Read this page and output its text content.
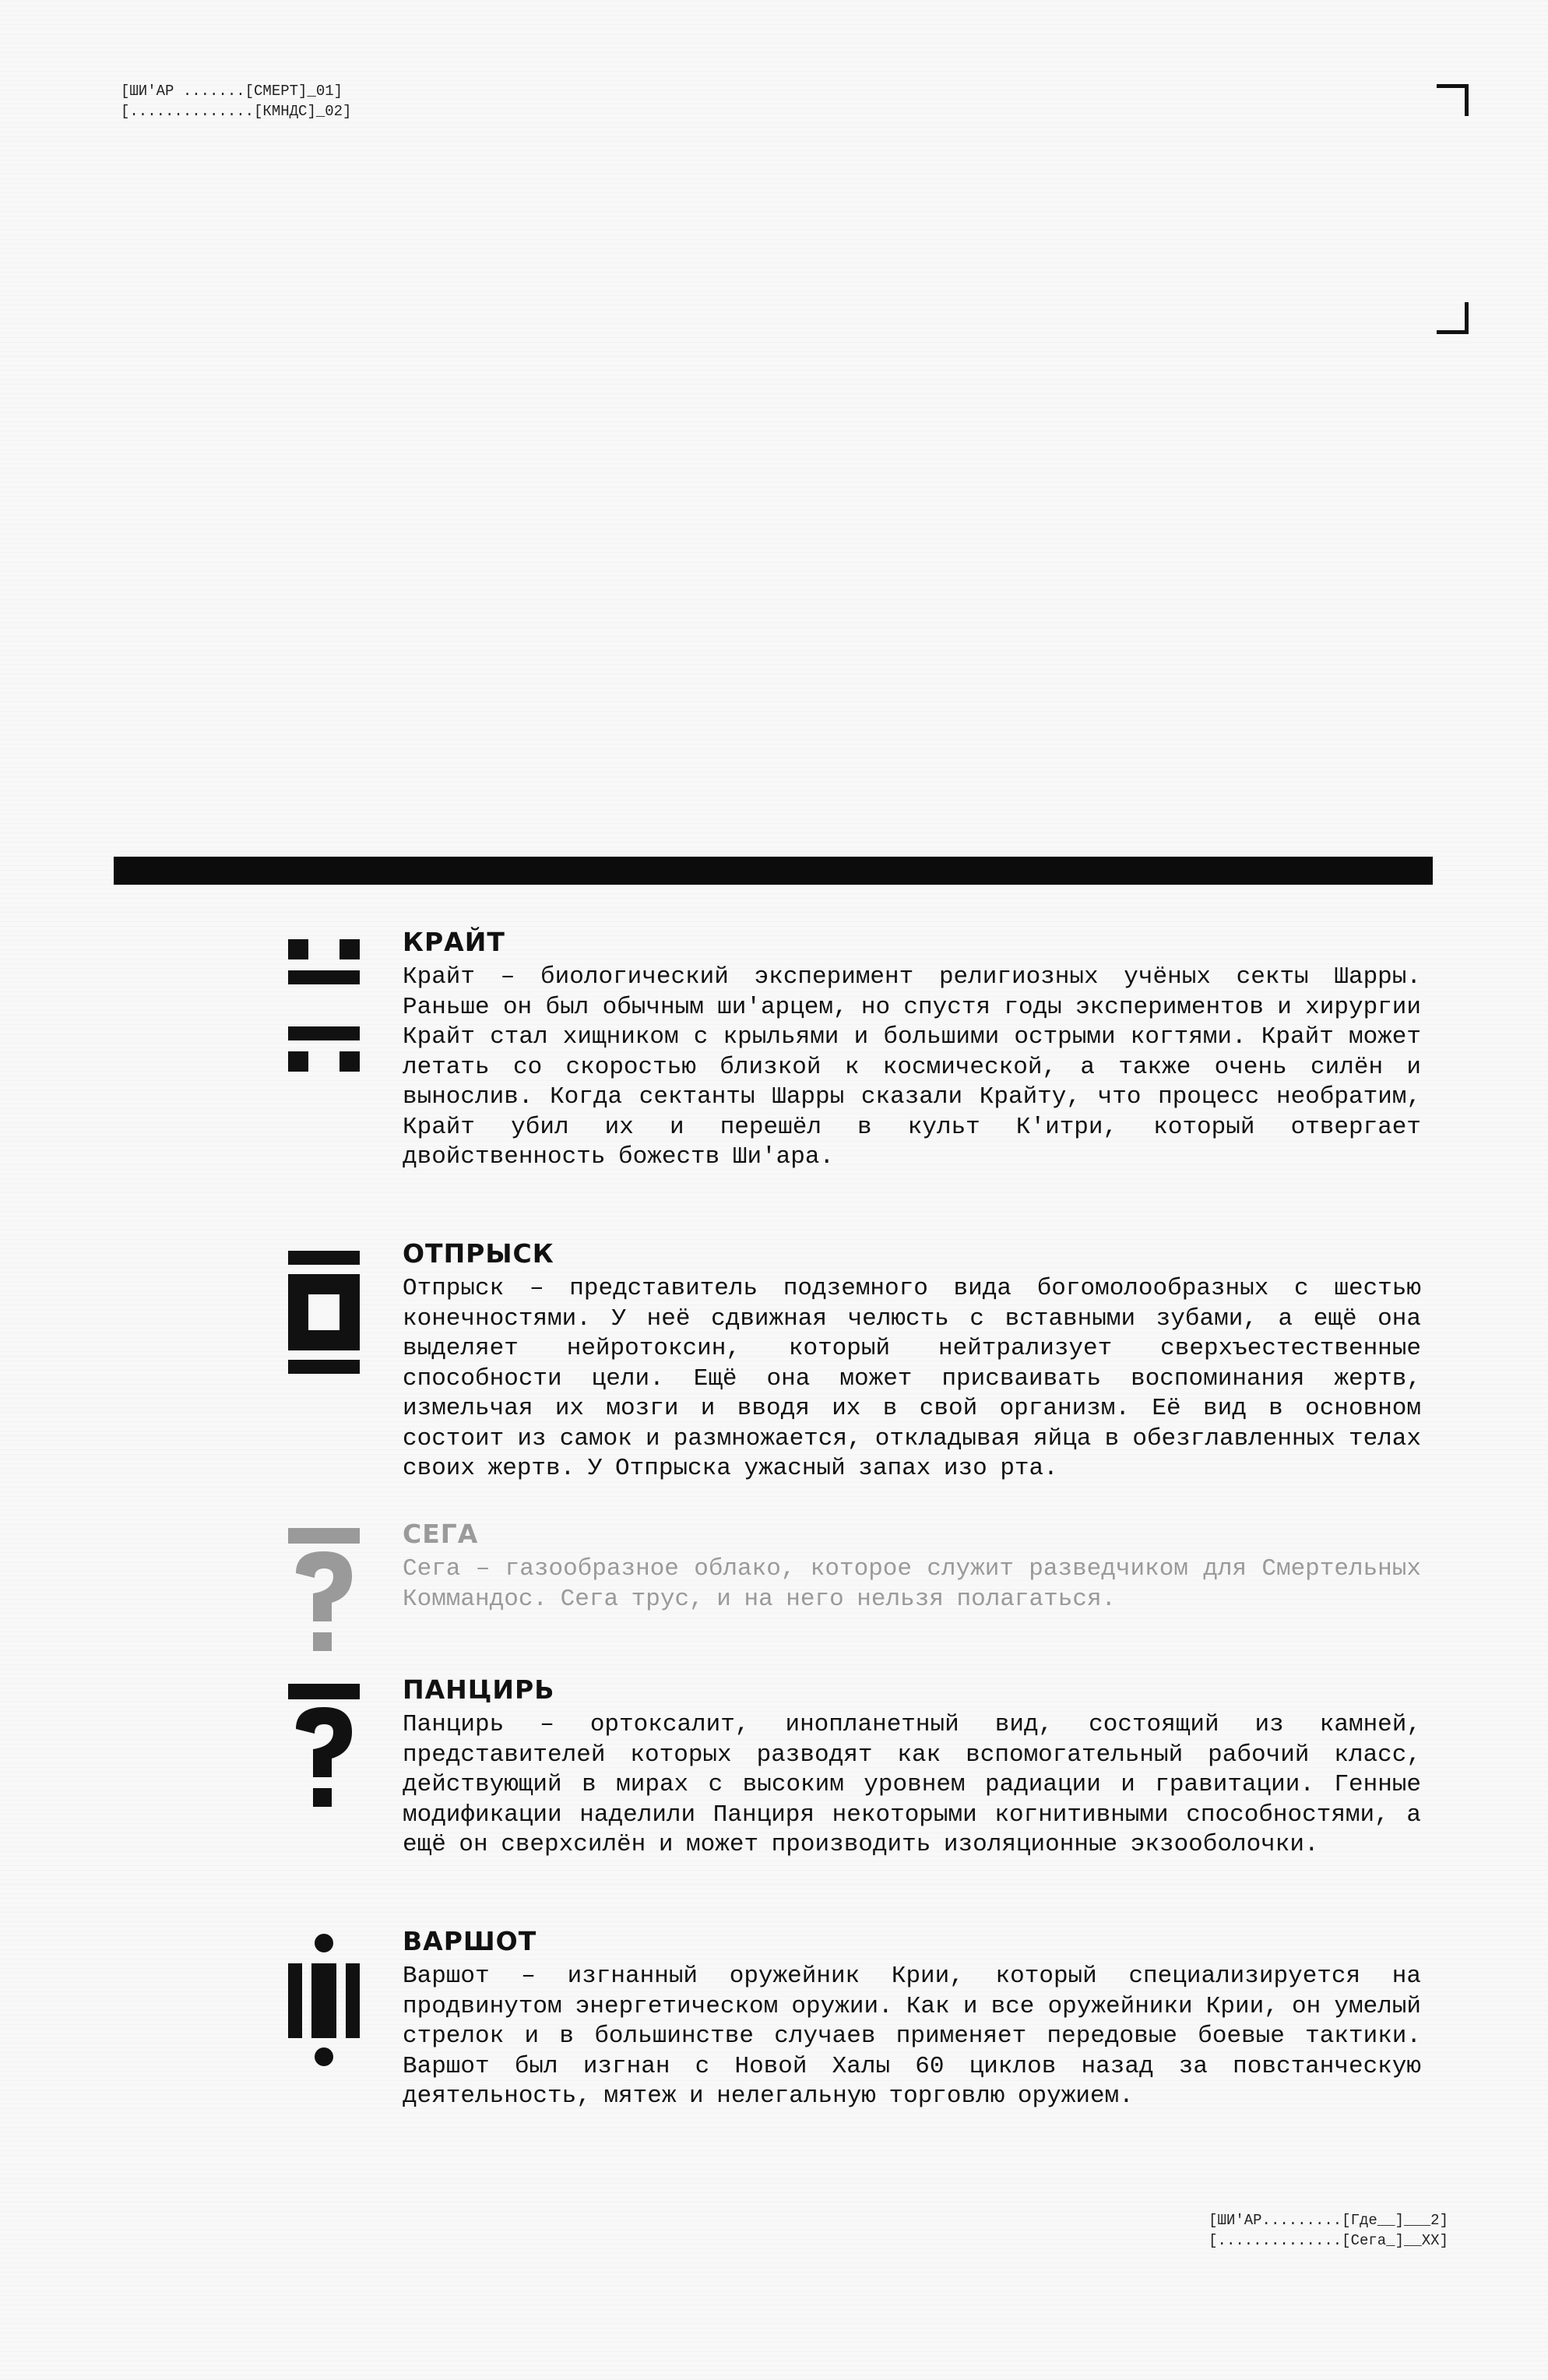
[ШИ'АР .......[СМЕРТ]_01]
[..............[КМНДС]_02]
КРАЙТ

Крайт – биологический эксперимент религиозных учёных секты Шарры. Раньше он был обычным ши'арцем, но спустя годы экспериментов и хирургии Крайт стал хищником с крыльями и большими острыми когтями. Крайт может летать со скоростью близкой к космической, а также очень силён и вынослив. Когда сектанты Шарры сказали Крайту, что процесс необратим, Крайт убил их и перешёл в культ К'итри, который отвергает двойственность божеств Ши'ара.

ОТПРЫСК

Отпрыск – представитель подземного вида богомолообразных с шестью конечностями. У неё сдвижная челюсть с вставными зубами, а ещё она выделяет нейротоксин, который нейтрализует сверхъестественные способности цели. Ещё она может присваивать воспоминания жертв, измельчая их мозги и вводя их в свой организм. Её вид в основном состоит из самок и размножается, откладывая яйца в обезглавленных телах своих жертв. У Отпрыска ужасный запах изо рта.

СЕГА

Сега – газообразное облако, которое служит разведчиком для Смертельных Коммандос. Сега трус, и на него нельзя полагаться.

ПАНЦИРЬ

Панцирь – ортоксалит, инопланетный вид, состоящий из камней, представителей которых разводят как вспомогательный рабочий класс, действующий в мирах с высоким уровнем радиации и гравитации. Генные модификации наделили Панциря некоторыми когнитивными способностями, а ещё он сверхсилён и может производить изоляционные экзооболочки.

ВАРШОТ

Варшот – изгнанный оружейник Крии, который специализируется на продвинутом энергетическом оружии. Как и все оружейники Крии, он умелый стрелок и в большинстве случаев применяет передовые боевые тактики. Варшот был изгнан с Новой Халы 60 циклов назад за повстанческую деятельность, мятеж и нелегальную торговлю оружием.

[ШИ'АР.........[Где__]___2]
[..............[Сега_]__XX]
